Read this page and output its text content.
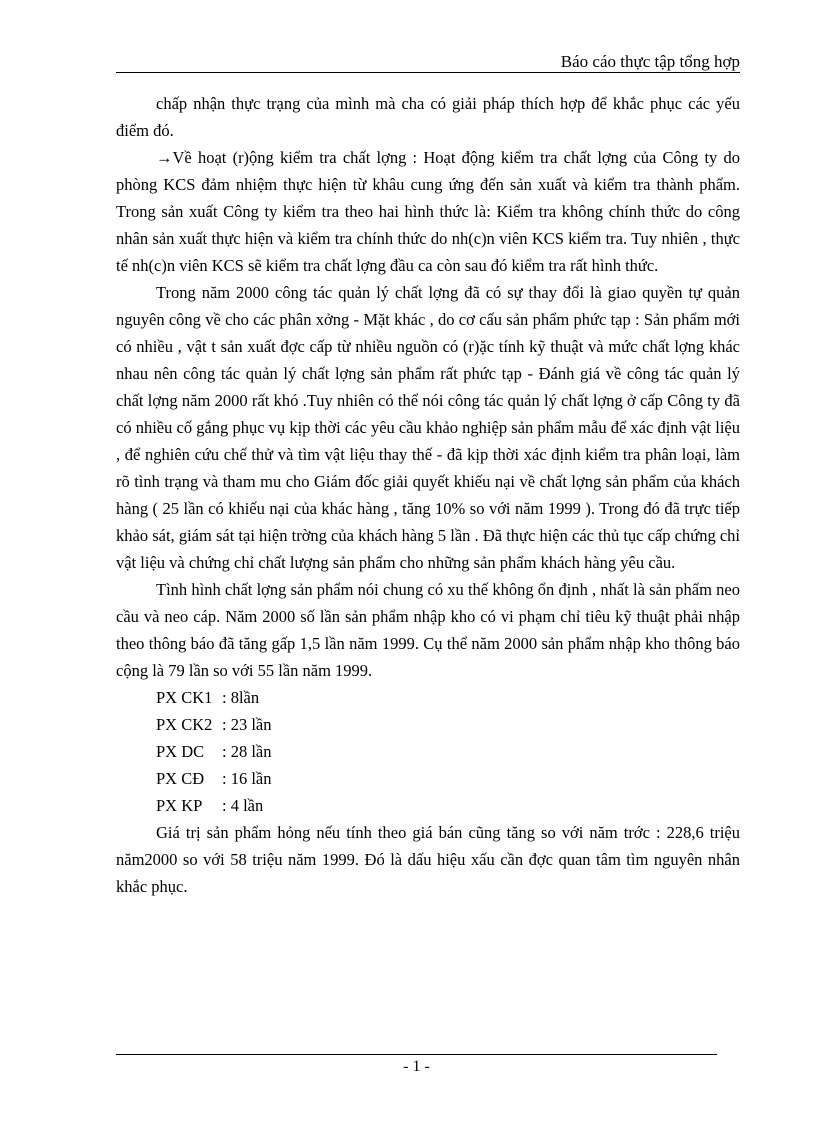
Báo cáo thực tập tổng hợp

chấp nhận thực trạng của mình mà cha có giải pháp thích hợp để khắc phục các yếu điểm đó.

→Về hoạt (r)ộng kiểm tra chất lợng : Hoạt động kiểm tra chất lợng của Công ty do phòng KCS đảm nhiệm thực hiện từ khâu cung ứng đến sản xuất và kiểm tra thành phẩm. Trong sản xuất Công ty kiểm tra theo hai hình thức là: Kiểm tra không chính thức do công nhân sản xuất thực hiện và kiểm tra chính thức do nh(c)n viên KCS kiểm tra. Tuy nhiên , thực tế nh(c)n viên KCS sẽ kiểm tra chất lợng đầu ca còn sau đó kiểm tra rất hình thức.

Trong năm 2000 công tác quản lý chất lợng đã có sự thay đổi là giao quyền tự quản nguyên công về cho các phân xởng - Mặt khác , do cơ cấu sản phẩm phức tạp : Sản phẩm mới có nhiều , vật t sản xuất đợc cấp từ nhiều nguồn có (r)ặc tính kỹ thuật và mức chất lợng khác nhau nên công tác quản lý chất lợng sản phẩm rất phức tạp - Đánh giá về công tác quản lý chất lợng năm 2000 rất khó .Tuy nhiên có thể nói công tác quản lý chất lợng ở cấp Công ty đã có nhiều cố gắng phục vụ kịp thời các yêu cầu khảo nghiệp sản phẩm mẫu để xác định vật liệu , để nghiên cứu chế thử và tìm vật liệu thay thế - đã kịp thời xác định kiểm tra phân loại, làm rõ tình trạng và tham mu cho Giám đốc giải quyết khiếu nại về chất lợng sản phẩm của khách hàng ( 25 lần có khiếu nại của khác hàng , tăng 10% so với năm 1999 ). Trong đó đã trực tiếp khảo sát, giám sát tại hiện trờng của khách hàng 5 lần . Đã thực hiện các thủ tục cấp chứng chỉ vật liệu và chứng chỉ chất lượng sản phẩm cho những sản phẩm khách hàng yêu cầu.

Tình hình chất lợng sản phẩm nói chung có xu thế không ổn định , nhất là sản phẩm neo cầu và neo cáp. Năm 2000 số lần sản phẩm nhập kho có vi phạm chỉ tiêu kỹ thuật phải nhập theo thông báo đã tăng gấp 1,5 lần năm 1999. Cụ thể năm 2000 sản phẩm nhập kho thông báo cộng là 79 lần so với 55 lần năm 1999.

PX CK1 : 8lần
PX CK2 : 23 lần
PX DC : 28 lần
PX CĐ : 16 lần
PX KP : 4 lần

Giá trị sản phẩm hỏng nếu tính theo giá bán cũng tăng so với năm trớc : 228,6 triệu năm2000 so với 58 triệu năm 1999. Đó là dấu hiệu xấu cần đợc quan tâm tìm nguyên nhân khắc phục.

- 1 -
